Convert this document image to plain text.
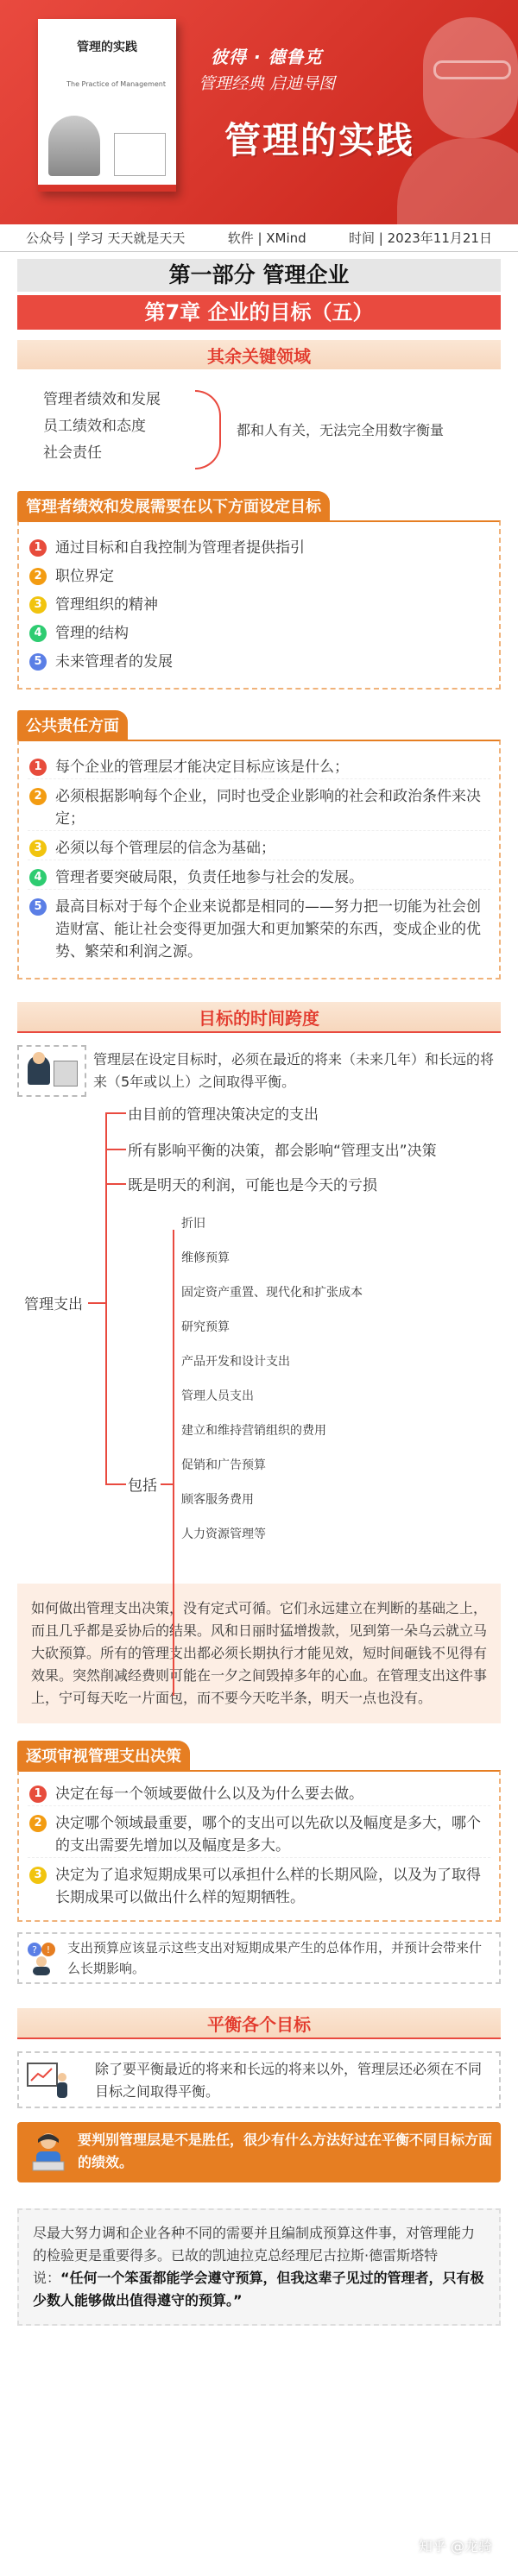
管理的实践
The Practice of Management
彼得 · 德鲁克
管理经典 启迪导图
管理的实践
公众号 | 学习 天天就是天天	软件 | XMind	时间 | 2023年11月21日
第一部分 管理企业
第7章 企业的目标（五）
其余关键领域
管理者绩效和发展
员工绩效和态度
社会责任
都和人有关，无法完全用数字衡量
管理者绩效和发展需要在以下方面设定目标
1 通过目标和自我控制为管理者提供指引
2 职位界定
3 管理组织的精神
4 管理的结构
5 未来管理者的发展
公共责任方面
1 每个企业的管理层才能决定目标应该是什么；
2 必须根据影响每个企业，同时也受企业影响的社会和政治条件来决定；
3 必须以每个管理层的信念为基础；
4 管理者要突破局限，负责任地参与社会的发展。
5 最高目标对于每个企业来说都是相同的——努力把一切能为社会创造财富、能让社会变得更加强大和更加繁荣的东西，变成企业的优势、繁荣和利润之源。
目标的时间跨度
管理层在设定目标时，必须在最近的将来（未来几年）和长远的将来（5年或以上）之间取得平衡。
管理支出
由目前的管理决策决定的支出
所有影响平衡的决策，都会影响“管理支出”决策
既是明天的利润，可能也是今天的亏损
包括
折旧
维修预算
固定资产重置、现代化和扩张成本
研究预算
产品开发和设计支出
管理人员支出
建立和维持营销组织的费用
促销和广告预算
顾客服务费用
人力资源管理等
如何做出管理支出决策，没有定式可循。它们永远建立在判断的基础之上，而且几乎都是妥协后的结果。风和日丽时猛增拨款，见到第一朵乌云就立马大砍预算。所有的管理支出都必须长期执行才能见效，短时间砸钱不见得有效果。突然削减经费则可能在一夕之间毁掉多年的心血。在管理支出这件事上，宁可每天吃一片面包，而不要今天吃半条，明天一点也没有。
逐项审视管理支出决策
1 决定在每一个领域要做什么以及为什么要去做。
2 决定哪个领域最重要，哪个的支出可以先砍以及幅度是多大，哪个的支出需要先增加以及幅度是多大。
3 决定为了追求短期成果可以承担什么样的长期风险，以及为了取得长期成果可以做出什么样的短期牺牲。
? ! 支出预算应该显示这些支出对短期成果产生的总体作用，并预计会带来什么长期影响。
平衡各个目标
除了要平衡最近的将来和长远的将来以外，管理层还必须在不同目标之间取得平衡。
要判别管理层是不是胜任，很少有什么方法好过在平衡不同目标方面的绩效。
尽最大努力调和企业各种不同的需要并且编制成预算这件事，对管理能力的检验更是重要得多。已故的凯迪拉克总经理尼古拉斯·德雷斯塔特说：“任何一个笨蛋都能学会遵守预算，但我这辈子见过的管理者，只有极少数人能够做出值得遵守的预算。”
知乎 @龙骑
